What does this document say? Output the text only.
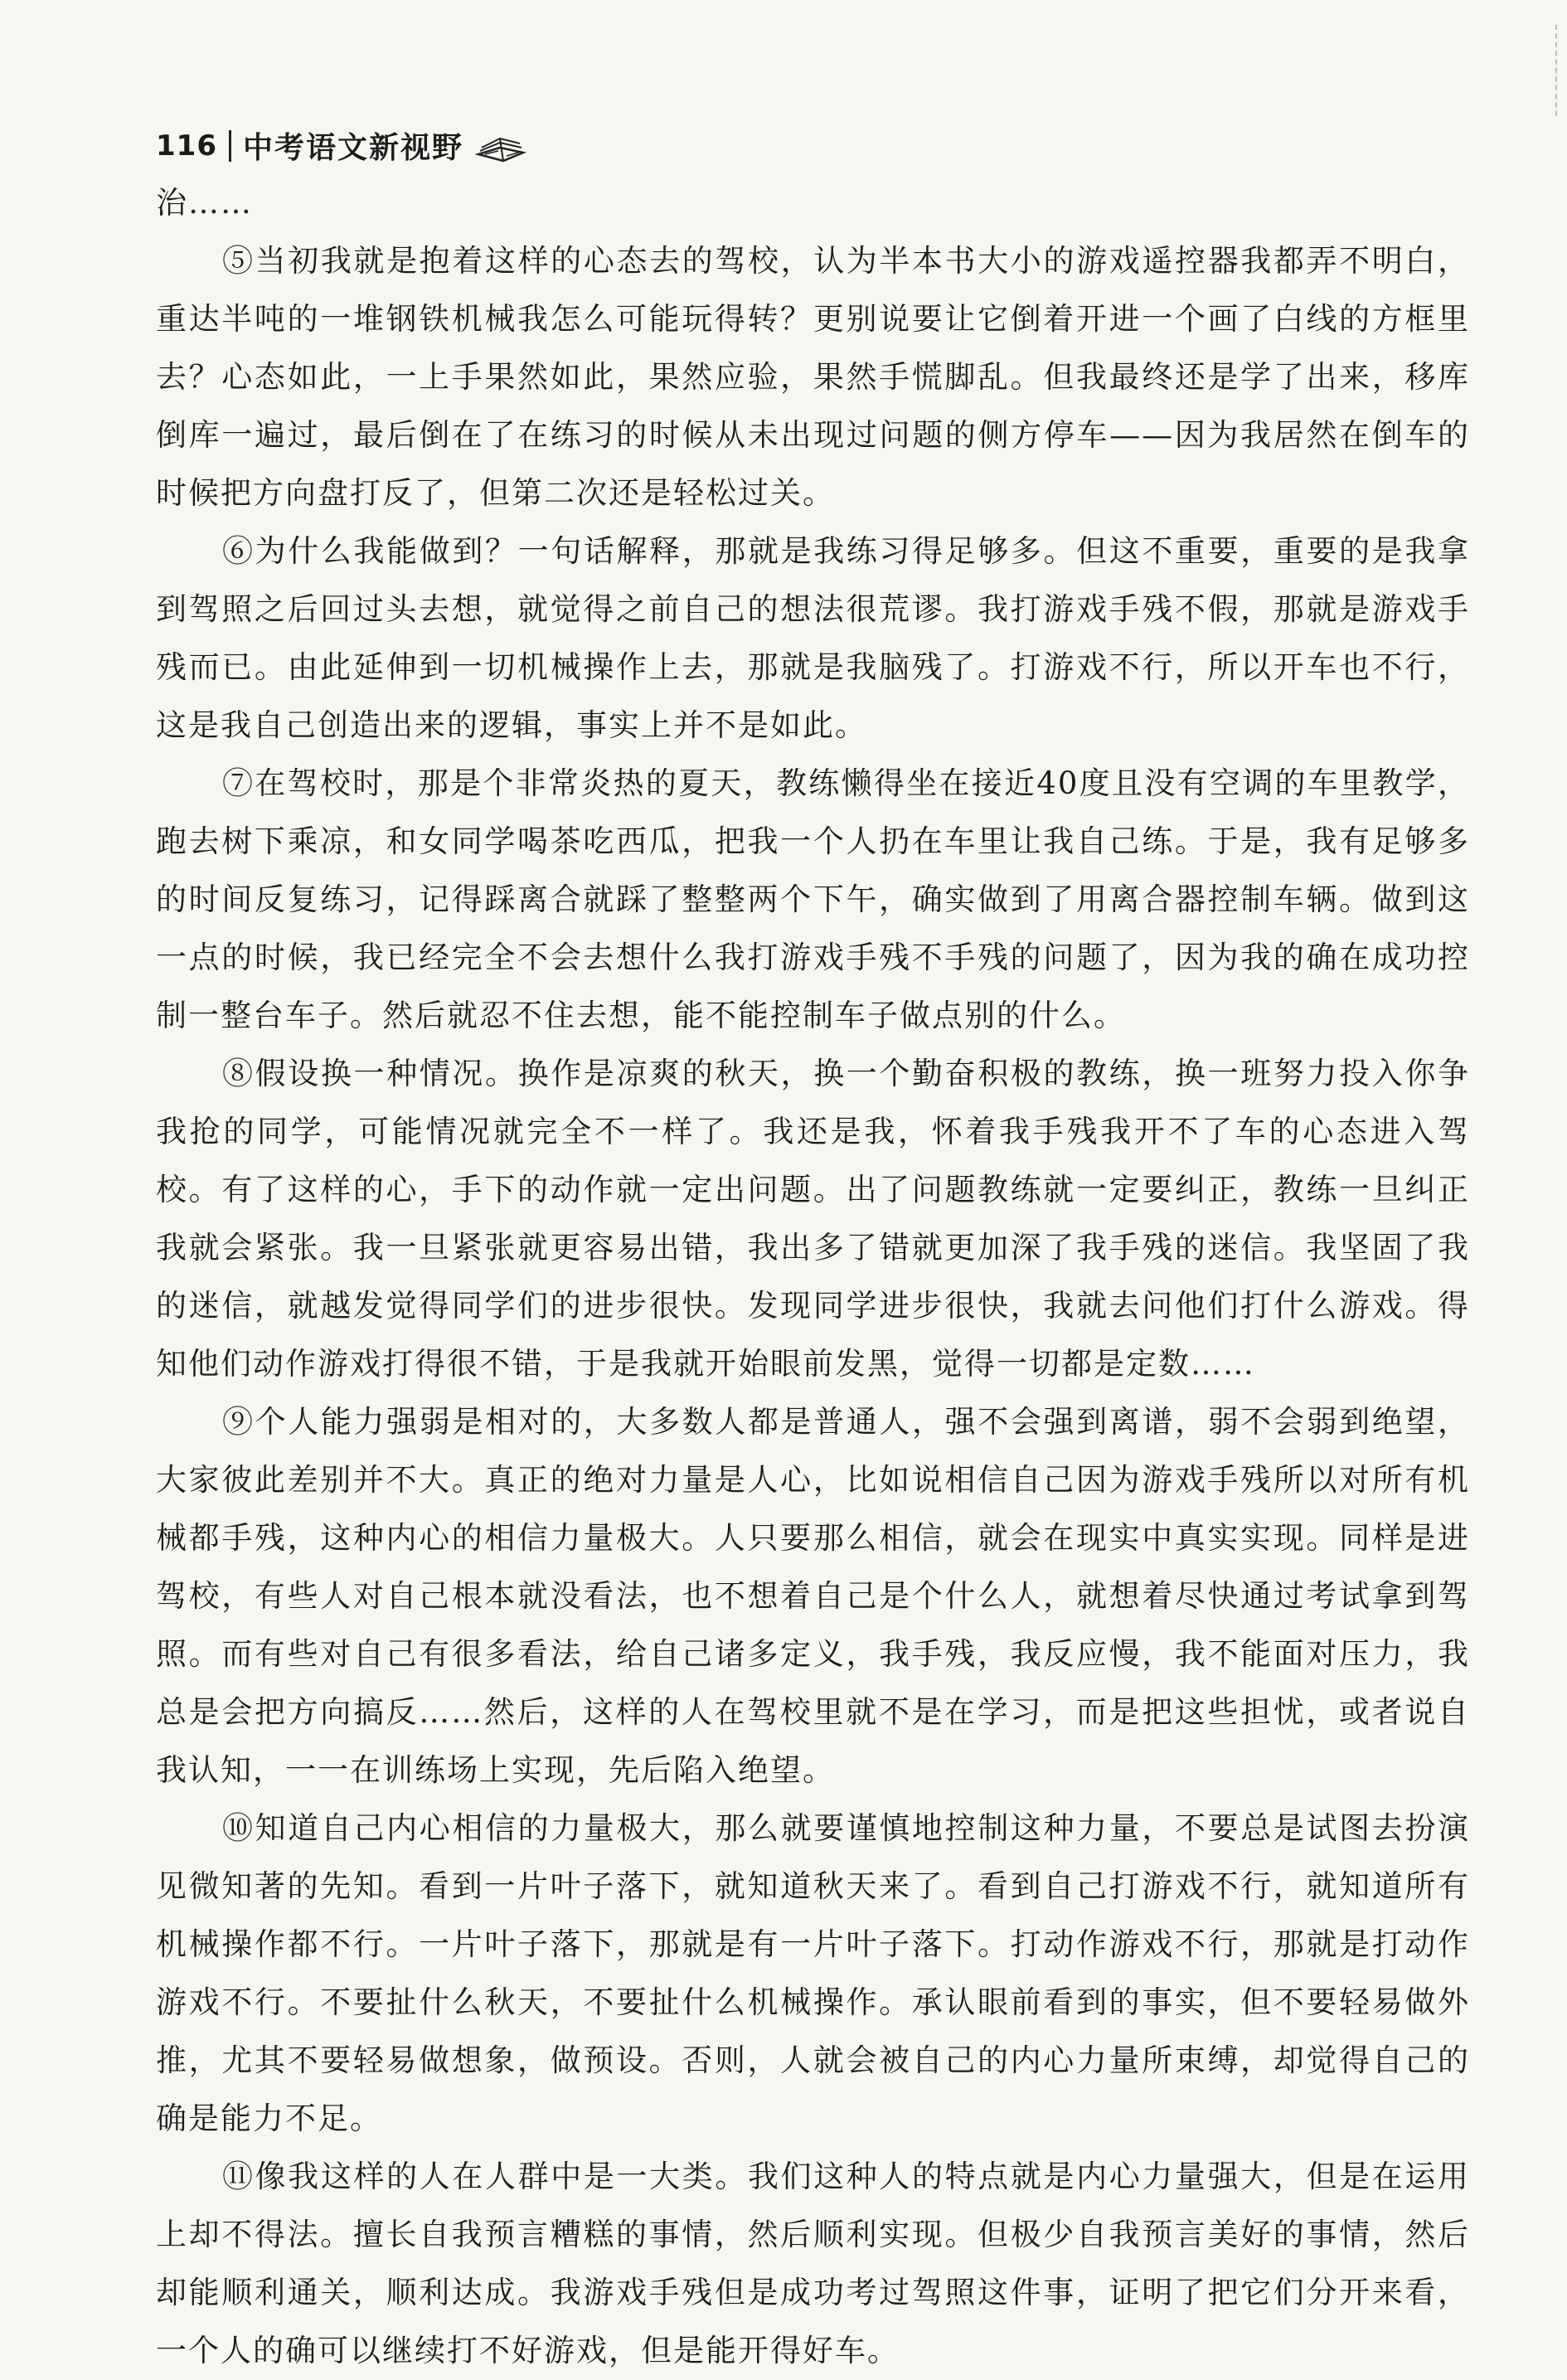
116 中考语文新视野

治……

⑤当初我就是抱着这样的心态去的驾校，认为半本书大小的游戏遥控器我都弄不明白，重达半吨的一堆钢铁机械我怎么可能玩得转？更别说要让它倒着开进一个画了白线的方框里去？心态如此，一上手果然如此，果然应验，果然手慌脚乱。但我最终还是学了出来，移库倒库一遍过，最后倒在了在练习的时候从未出现过问题的侧方停车——因为我居然在倒车的时候把方向盘打反了，但第二次还是轻松过关。

⑥为什么我能做到？一句话解释，那就是我练习得足够多。但这不重要，重要的是我拿到驾照之后回过头去想，就觉得之前自己的想法很荒谬。我打游戏手残不假，那就是游戏手残而已。由此延伸到一切机械操作上去，那就是我脑残了。打游戏不行，所以开车也不行，这是我自己创造出来的逻辑，事实上并不是如此。

⑦在驾校时，那是个非常炎热的夏天，教练懒得坐在接近40度且没有空调的车里教学，跑去树下乘凉，和女同学喝茶吃西瓜，把我一个人扔在车里让我自己练。于是，我有足够多的时间反复练习，记得踩离合就踩了整整两个下午，确实做到了用离合器控制车辆。做到这一点的时候，我已经完全不会去想什么我打游戏手残不手残的问题了，因为我的确在成功控制一整台车子。然后就忍不住去想，能不能控制车子做点别的什么。

⑧假设换一种情况。换作是凉爽的秋天，换一个勤奋积极的教练，换一班努力投入你争我抢的同学，可能情况就完全不一样了。我还是我，怀着我手残我开不了车的心态进入驾校。有了这样的心，手下的动作就一定出问题。出了问题教练就一定要纠正，教练一旦纠正我就会紧张。我一旦紧张就更容易出错，我出多了错就更加深了我手残的迷信。我坚固了我的迷信，就越发觉得同学们的进步很快。发现同学进步很快，我就去问他们打什么游戏。得知他们动作游戏打得很不错，于是我就开始眼前发黑，觉得一切都是定数……

⑨个人能力强弱是相对的，大多数人都是普通人，强不会强到离谱，弱不会弱到绝望，大家彼此差别并不大。真正的绝对力量是人心，比如说相信自己因为游戏手残所以对所有机械都手残，这种内心的相信力量极大。人只要那么相信，就会在现实中真实实现。同样是进驾校，有些人对自己根本就没看法，也不想着自己是个什么人，就想着尽快通过考试拿到驾照。而有些对自己有很多看法，给自己诸多定义，我手残，我反应慢，我不能面对压力，我总是会把方向搞反……然后，这样的人在驾校里就不是在学习，而是把这些担忧，或者说自我认知，一一在训练场上实现，先后陷入绝望。

⑩知道自己内心相信的力量极大，那么就要谨慎地控制这种力量，不要总是试图去扮演见微知著的先知。看到一片叶子落下，就知道秋天来了。看到自己打游戏不行，就知道所有机械操作都不行。一片叶子落下，那就是有一片叶子落下。打动作游戏不行，那就是打动作游戏不行。不要扯什么秋天，不要扯什么机械操作。承认眼前看到的事实，但不要轻易做外推，尤其不要轻易做想象，做预设。否则，人就会被自己的内心力量所束缚，却觉得自己的确是能力不足。

⑪像我这样的人在人群中是一大类。我们这种人的特点就是内心力量强大，但是在运用上却不得法。擅长自我预言糟糕的事情，然后顺利实现。但极少自我预言美好的事情，然后却能顺利通关，顺利达成。我游戏手残但是成功考过驾照这件事，证明了把它们分开来看，一个人的确可以继续打不好游戏，但是能开得好车。
